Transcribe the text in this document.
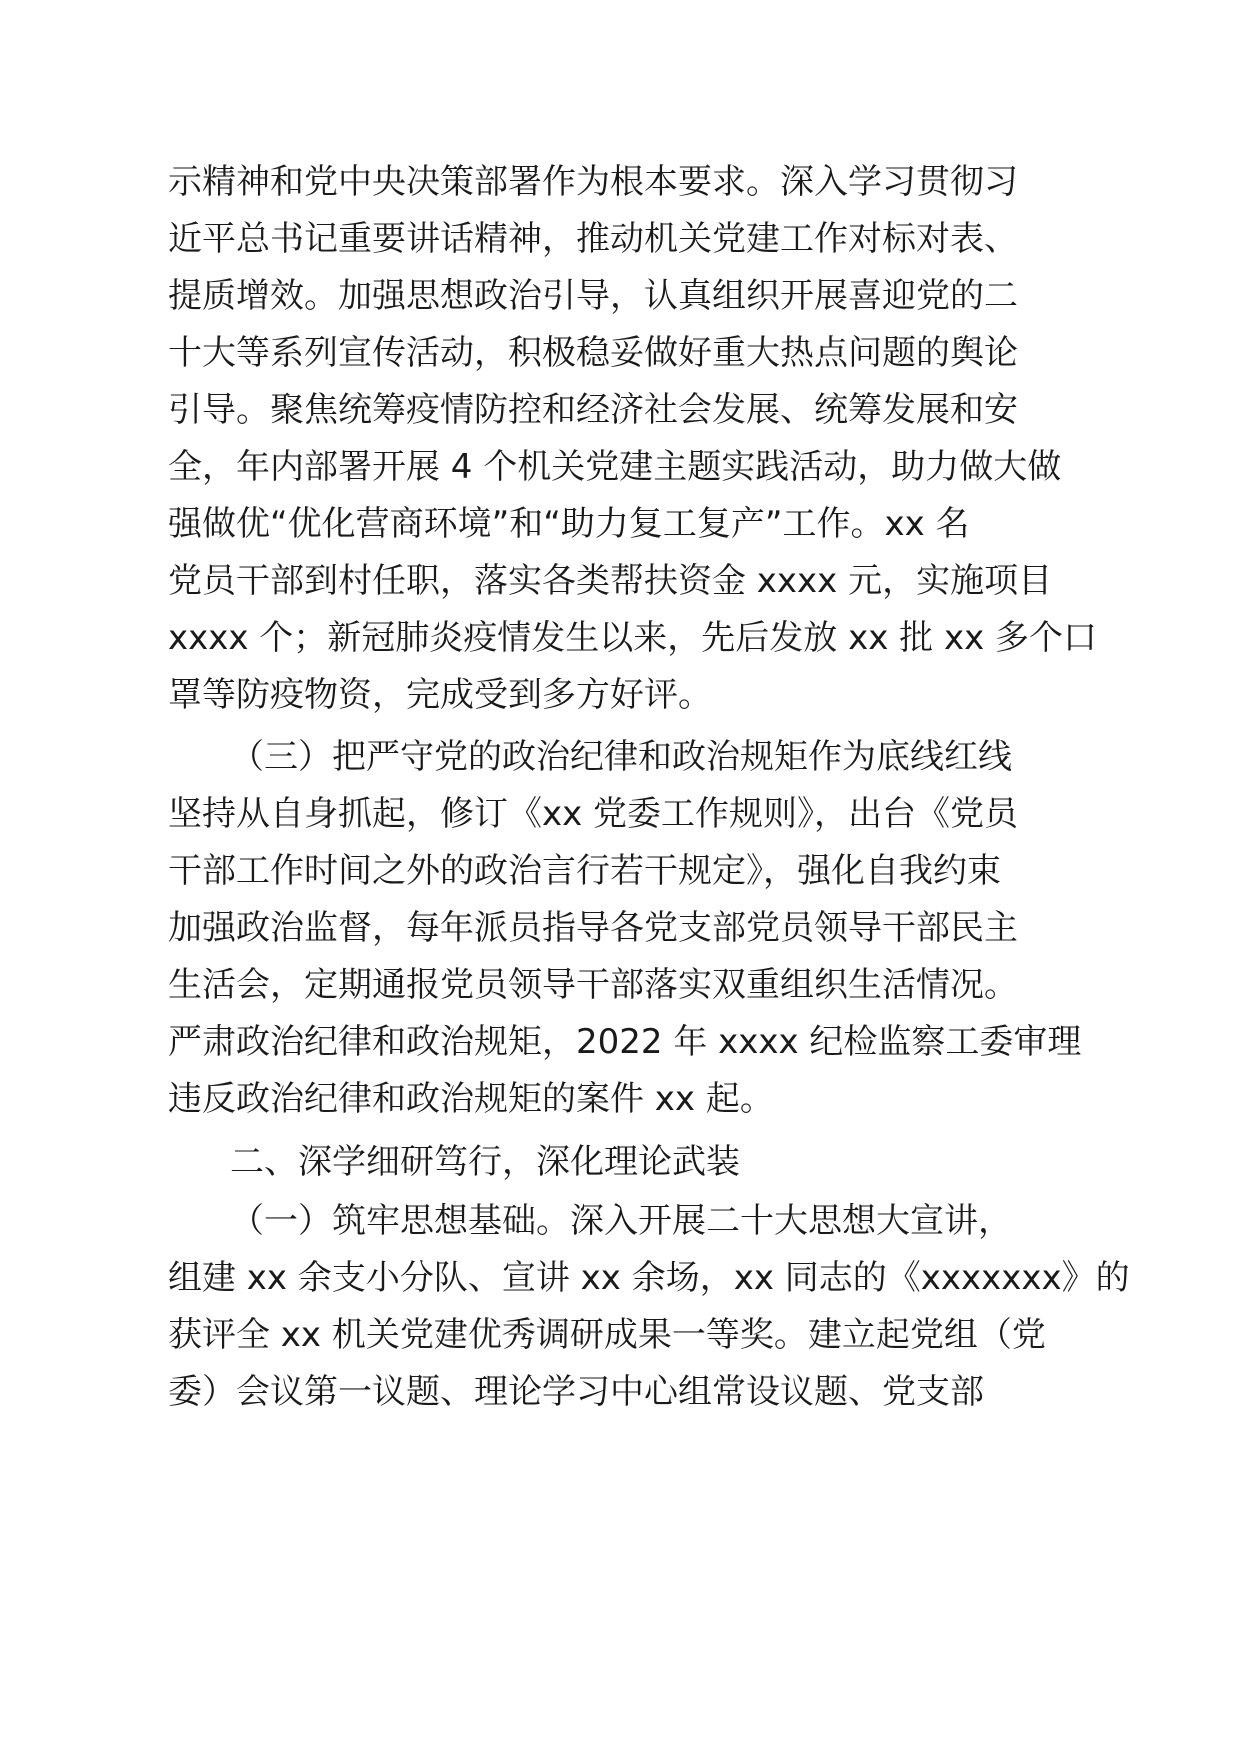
示精神和党中央决策部署作为根本要求。深入学习贯彻习
近平总书记重要讲话精神，推动机关党建工作对标对表、
提质增效。加强思想政治引导，认真组织开展喜迎党的二
十大等系列宣传活动，积极稳妥做好重大热点问题的舆论
引导。聚焦统筹疫情防控和经济社会发展、统筹发展和安
全，年内部署开展 4 个机关党建主题实践活动，助力做大做
强做优“优化营商环境”和“助力复工复产”工作。xx 名
党员干部到村任职，落实各类帮扶资金 xxxx 元，实施项目
xxxx 个；新冠肺炎疫情发生以来，先后发放 xx 批 xx 多个口
罩等防疫物资，完成受到多方好评。
（三）把严守党的政治纪律和政治规矩作为底线红线
坚持从自身抓起，修订《xx 党委工作规则》，出台《党员
干部工作时间之外的政治言行若干规定》，强化自我约束
加强政治监督，每年派员指导各党支部党员领导干部民主
生活会，定期通报党员领导干部落实双重组织生活情况。
严肃政治纪律和政治规矩，2022 年 xxxx 纪检监察工委审理
违反政治纪律和政治规矩的案件 xx 起。
二、深学细研笃行，深化理论武装
（一）筑牢思想基础。深入开展二十大思想大宣讲，
组建 xx 余支小分队、宣讲 xx 余场，xx 同志的《xxxxxxx》的
获评全 xx 机关党建优秀调研成果一等奖。建立起党组（党
委）会议第一议题、理论学习中心组常设议题、党支部
